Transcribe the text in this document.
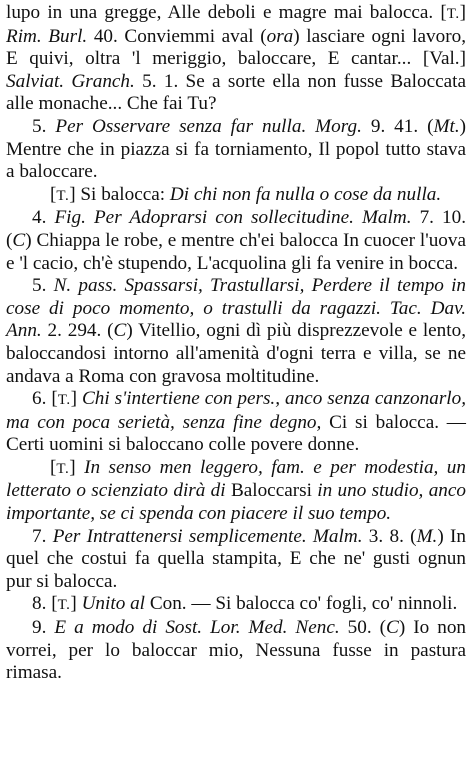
lupo in una gregge, Alle deboli e magre mai balocca. [T.] Rim. Burl. 40. Conviemmi aval (ora) lasciare ogni lavoro, E quivi, oltra 'l meriggio, baloccare, E cantar... [Val.] Salviat. Granch. 5. 1. Se a sorte ella non fusse Baloccata alle monache... Che fai Tu?

5. Per Osservare senza far nulla. Morg. 9. 41. (Mt.) Mentre che in piazza si fa torniamento, Il popol tutto stava a baloccare.

[T.] Si balocca: Di chi non fa nulla o cose da nulla.

4. Fig. Per Adoprarsi con sollecitudine. Malm. 7. 10. (C) Chiappa le robe, e mentre ch'ei balocca In cuocer l'uova e 'l cacio, ch'è stupendo, L'acquolina gli fa venire in bocca.

5. N. pass. Spassarsi, Trastullarsi, Perdere il tempo in cose di poco momento, o trastulli da ragazzi. Tac. Dav. Ann. 2. 294. (C) Vitellio, ogni dì più disprezzevole e lento, baloccandosi intorno all'amenità d'ogni terra e villa, se ne andava a Roma con gravosa moltitudine.

6. [T.] Chi s'intertiene con pers., anco senza canzonarlo, ma con poca serietà, senza fine degno, Ci si balocca. — Certi uomini si baloccano colle povere donne.

[T.] In senso men leggero, fam. e per modestia, un letterato o scienziato dirà di Baloccarsi in uno studio, anco importante, se ci spenda con piacere il suo tempo.

7. Per Intrattenersi semplicemente. Malm. 3. 8. (M.) In quel che costui fa quella stampita, E che ne' gusti ognun pur si balocca.

8. [T.] Unito al Con. — Si balocca co' fogli, co' ninnoli.

9. E a modo di Sost. Lor. Med. Nenc. 50. (C) Io non vorrei, per lo baloccar mio, Nessuna fusse in pastura rimasa.
